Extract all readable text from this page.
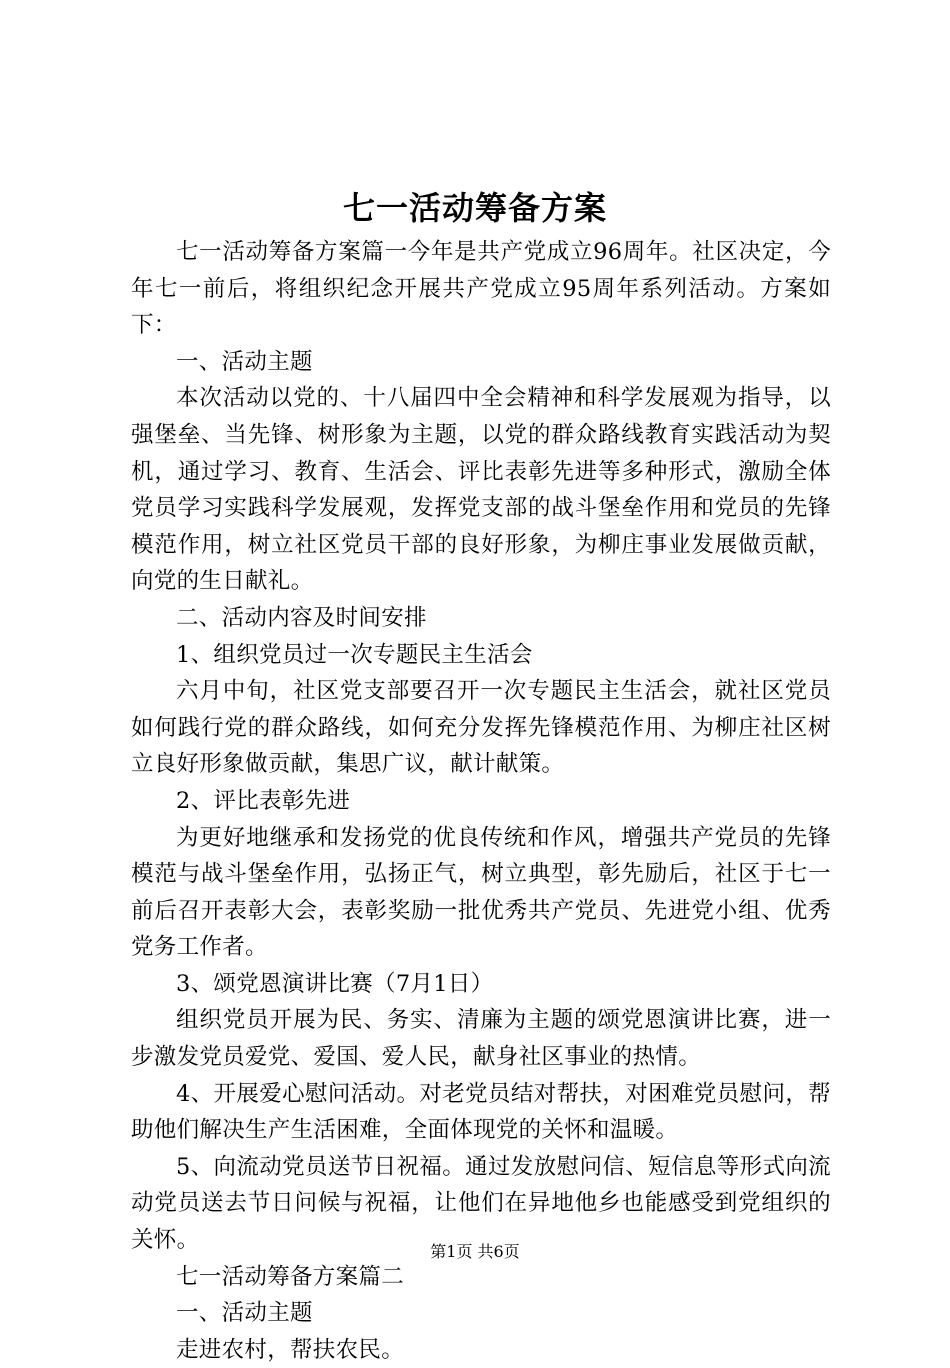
七一活动筹备方案

七一活动筹备方案篇一今年是共产党成立96周年。社区决定，今年七一前后，将组织纪念开展共产党成立95周年系列活动。方案如下：

一、活动主题

本次活动以党的、十八届四中全会精神和科学发展观为指导，以强堡垒、当先锋、树形象为主题，以党的群众路线教育实践活动为契机，通过学习、教育、生活会、评比表彰先进等多种形式，激励全体党员学习实践科学发展观，发挥党支部的战斗堡垒作用和党员的先锋模范作用，树立社区党员干部的良好形象，为柳庄事业发展做贡献，向党的生日献礼。

二、活动内容及时间安排

1、组织党员过一次专题民主生活会

六月中旬，社区党支部要召开一次专题民主生活会，就社区党员如何践行党的群众路线，如何充分发挥先锋模范作用、为柳庄社区树立良好形象做贡献，集思广议，献计献策。

2、评比表彰先进

为更好地继承和发扬党的优良传统和作风，增强共产党员的先锋模范与战斗堡垒作用，弘扬正气，树立典型，彰先励后，社区于七一前后召开表彰大会，表彰奖励一批优秀共产党员、先进党小组、优秀党务工作者。

3、颂党恩演讲比赛（7月1日）

组织党员开展为民、务实、清廉为主题的颂党恩演讲比赛，进一步激发党员爱党、爱国、爱人民，献身社区事业的热情。

4、开展爱心慰问活动。对老党员结对帮扶，对困难党员慰问，帮助他们解决生产生活困难，全面体现党的关怀和温暖。

5、向流动党员送节日祝福。通过发放慰问信、短信息等形式向流动党员送去节日问候与祝福，让他们在异地他乡也能感受到党组织的关怀。

七一活动筹备方案篇二

一、活动主题

走进农村，帮扶农民。

第1页 共6页
